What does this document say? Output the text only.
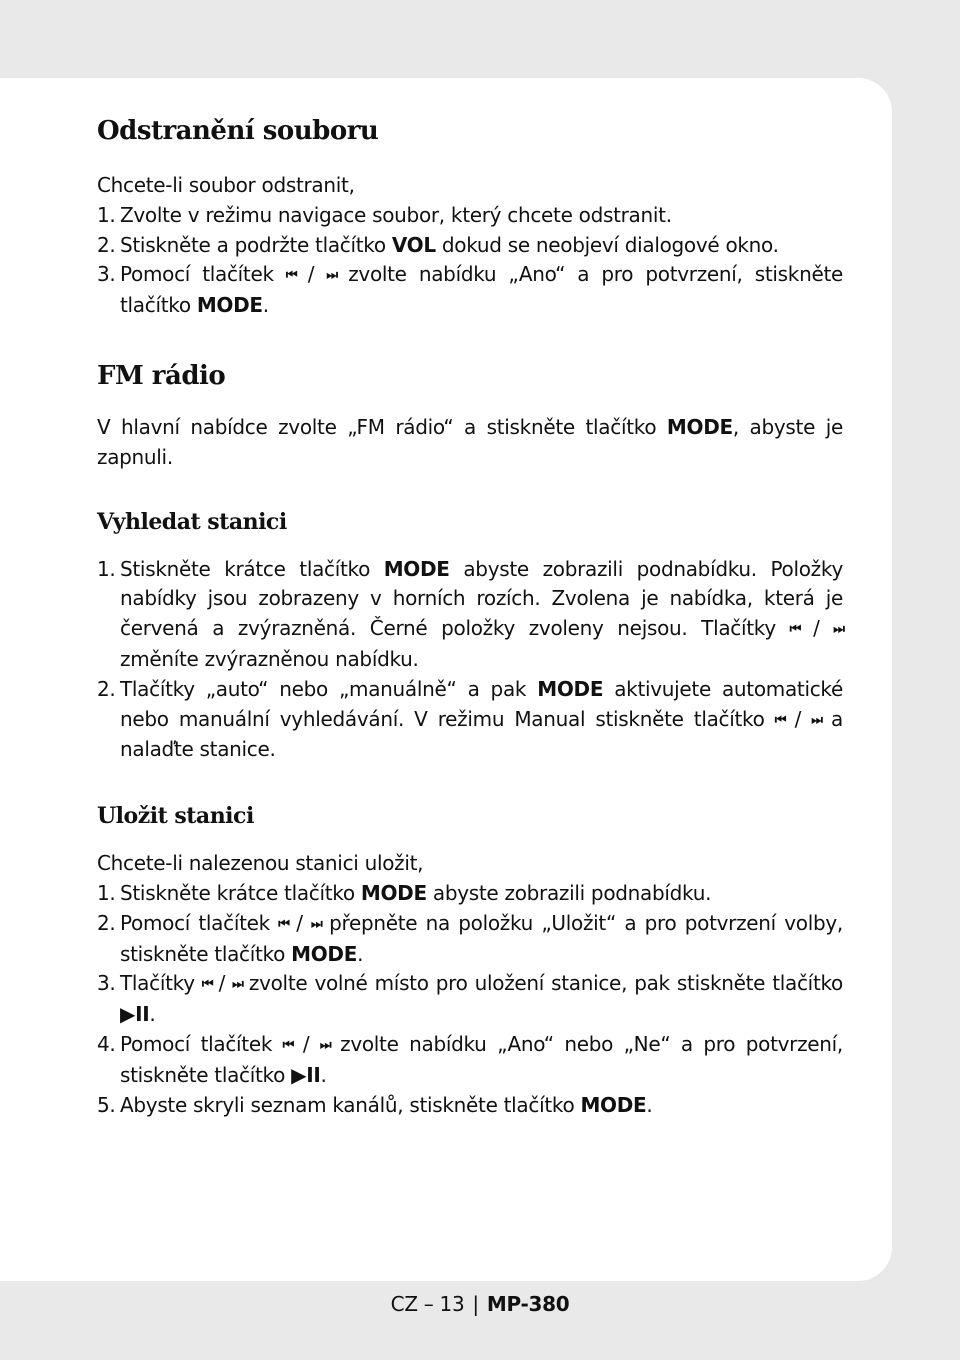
Odstranění souboru

Chcete-li soubor odstranit,

1. Zvolte v režimu navigace soubor, který chcete odstranit.
2. Stiskněte a podržte tlačítko VOL dokud se neobjeví dialogové okno.
3. Pomocí tlačítek ⏮ / ⏭ zvolte nabídku „Ano“ a pro potvrzení, stiskněte tlačítko MODE.
FM rádio

V hlavní nabídce zvolte „FM rádio“ a stiskněte tlačítko MODE, abyste je zapnuli.

Vyhledat stanici
1. Stiskněte krátce tlačítko MODE abyste zobrazili podnabídku. Položky nabídky jsou zobrazeny v horních rozích. Zvolena je nabídka, která je červená a zvýrazněná. Černé položky zvoleny nejsou. Tlačítky ⏮ / ⏭ změníte zvýrazněnou nabídku.
2. Tlačítky „auto“ nebo „manuálně“ a pak MODE aktivujete automatické nebo manuální vyhledávání. V režimu Manual stiskněte tlačítko ⏮ / ⏭ a nalaďte stanice.
Uložit stanici

Chcete-li nalezenou stanici uložit,

1. Stiskněte krátce tlačítko MODE abyste zobrazili podnabídku.
2. Pomocí tlačítek ⏮ / ⏭ přepněte na položku „Uložit“ a pro potvrzení volby, stiskněte tlačítko MODE.
3. Tlačítky ⏮ / ⏭ zvolte volné místo pro uložení stanice, pak stiskněte tlačítko ▶II.
4. Pomocí tlačítek ⏮ / ⏭ zvolte nabídku „Ano“ nebo „Ne“ a pro potvrzení, stiskněte tlačítko ▶II.
5. Abyste skryli seznam kanálů, stiskněte tlačítko MODE.
CZ – 13 | MP-380
